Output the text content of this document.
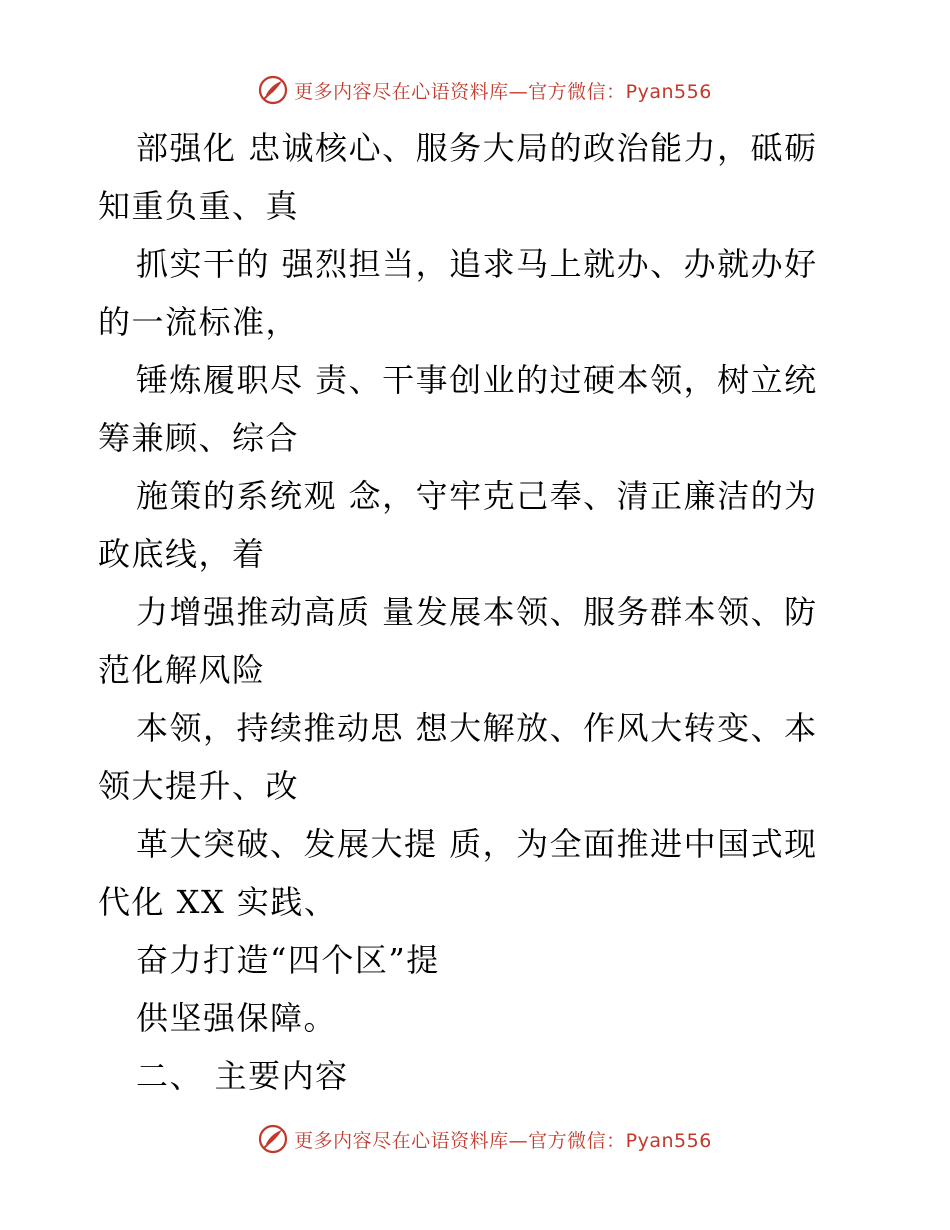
更多内容尽在心语资料库—官方微信：Pyan556
部强化 忠诚核心、服务大局的政治能力，砥砺
知重负重、真
抓实干的 强烈担当，追求马上就办、办就办好
的一流标准，
锤炼履职尽 责、干事创业的过硬本领，树立统
筹兼顾、综合
施策的系统观 念，守牢克己奉、清正廉洁的为
政底线，着
力增强推动高质 量发展本领、服务群本领、防
范化解风险
本领，持续推动思 想大解放、作风大转变、本
领大提升、改
革大突破、发展大提 质，为全面推进中国式现
代化 XX 实践、
奋力打造“四个区”提
供坚强保障。
二、 主要内容
更多内容尽在心语资料库—官方微信：Pyan556
